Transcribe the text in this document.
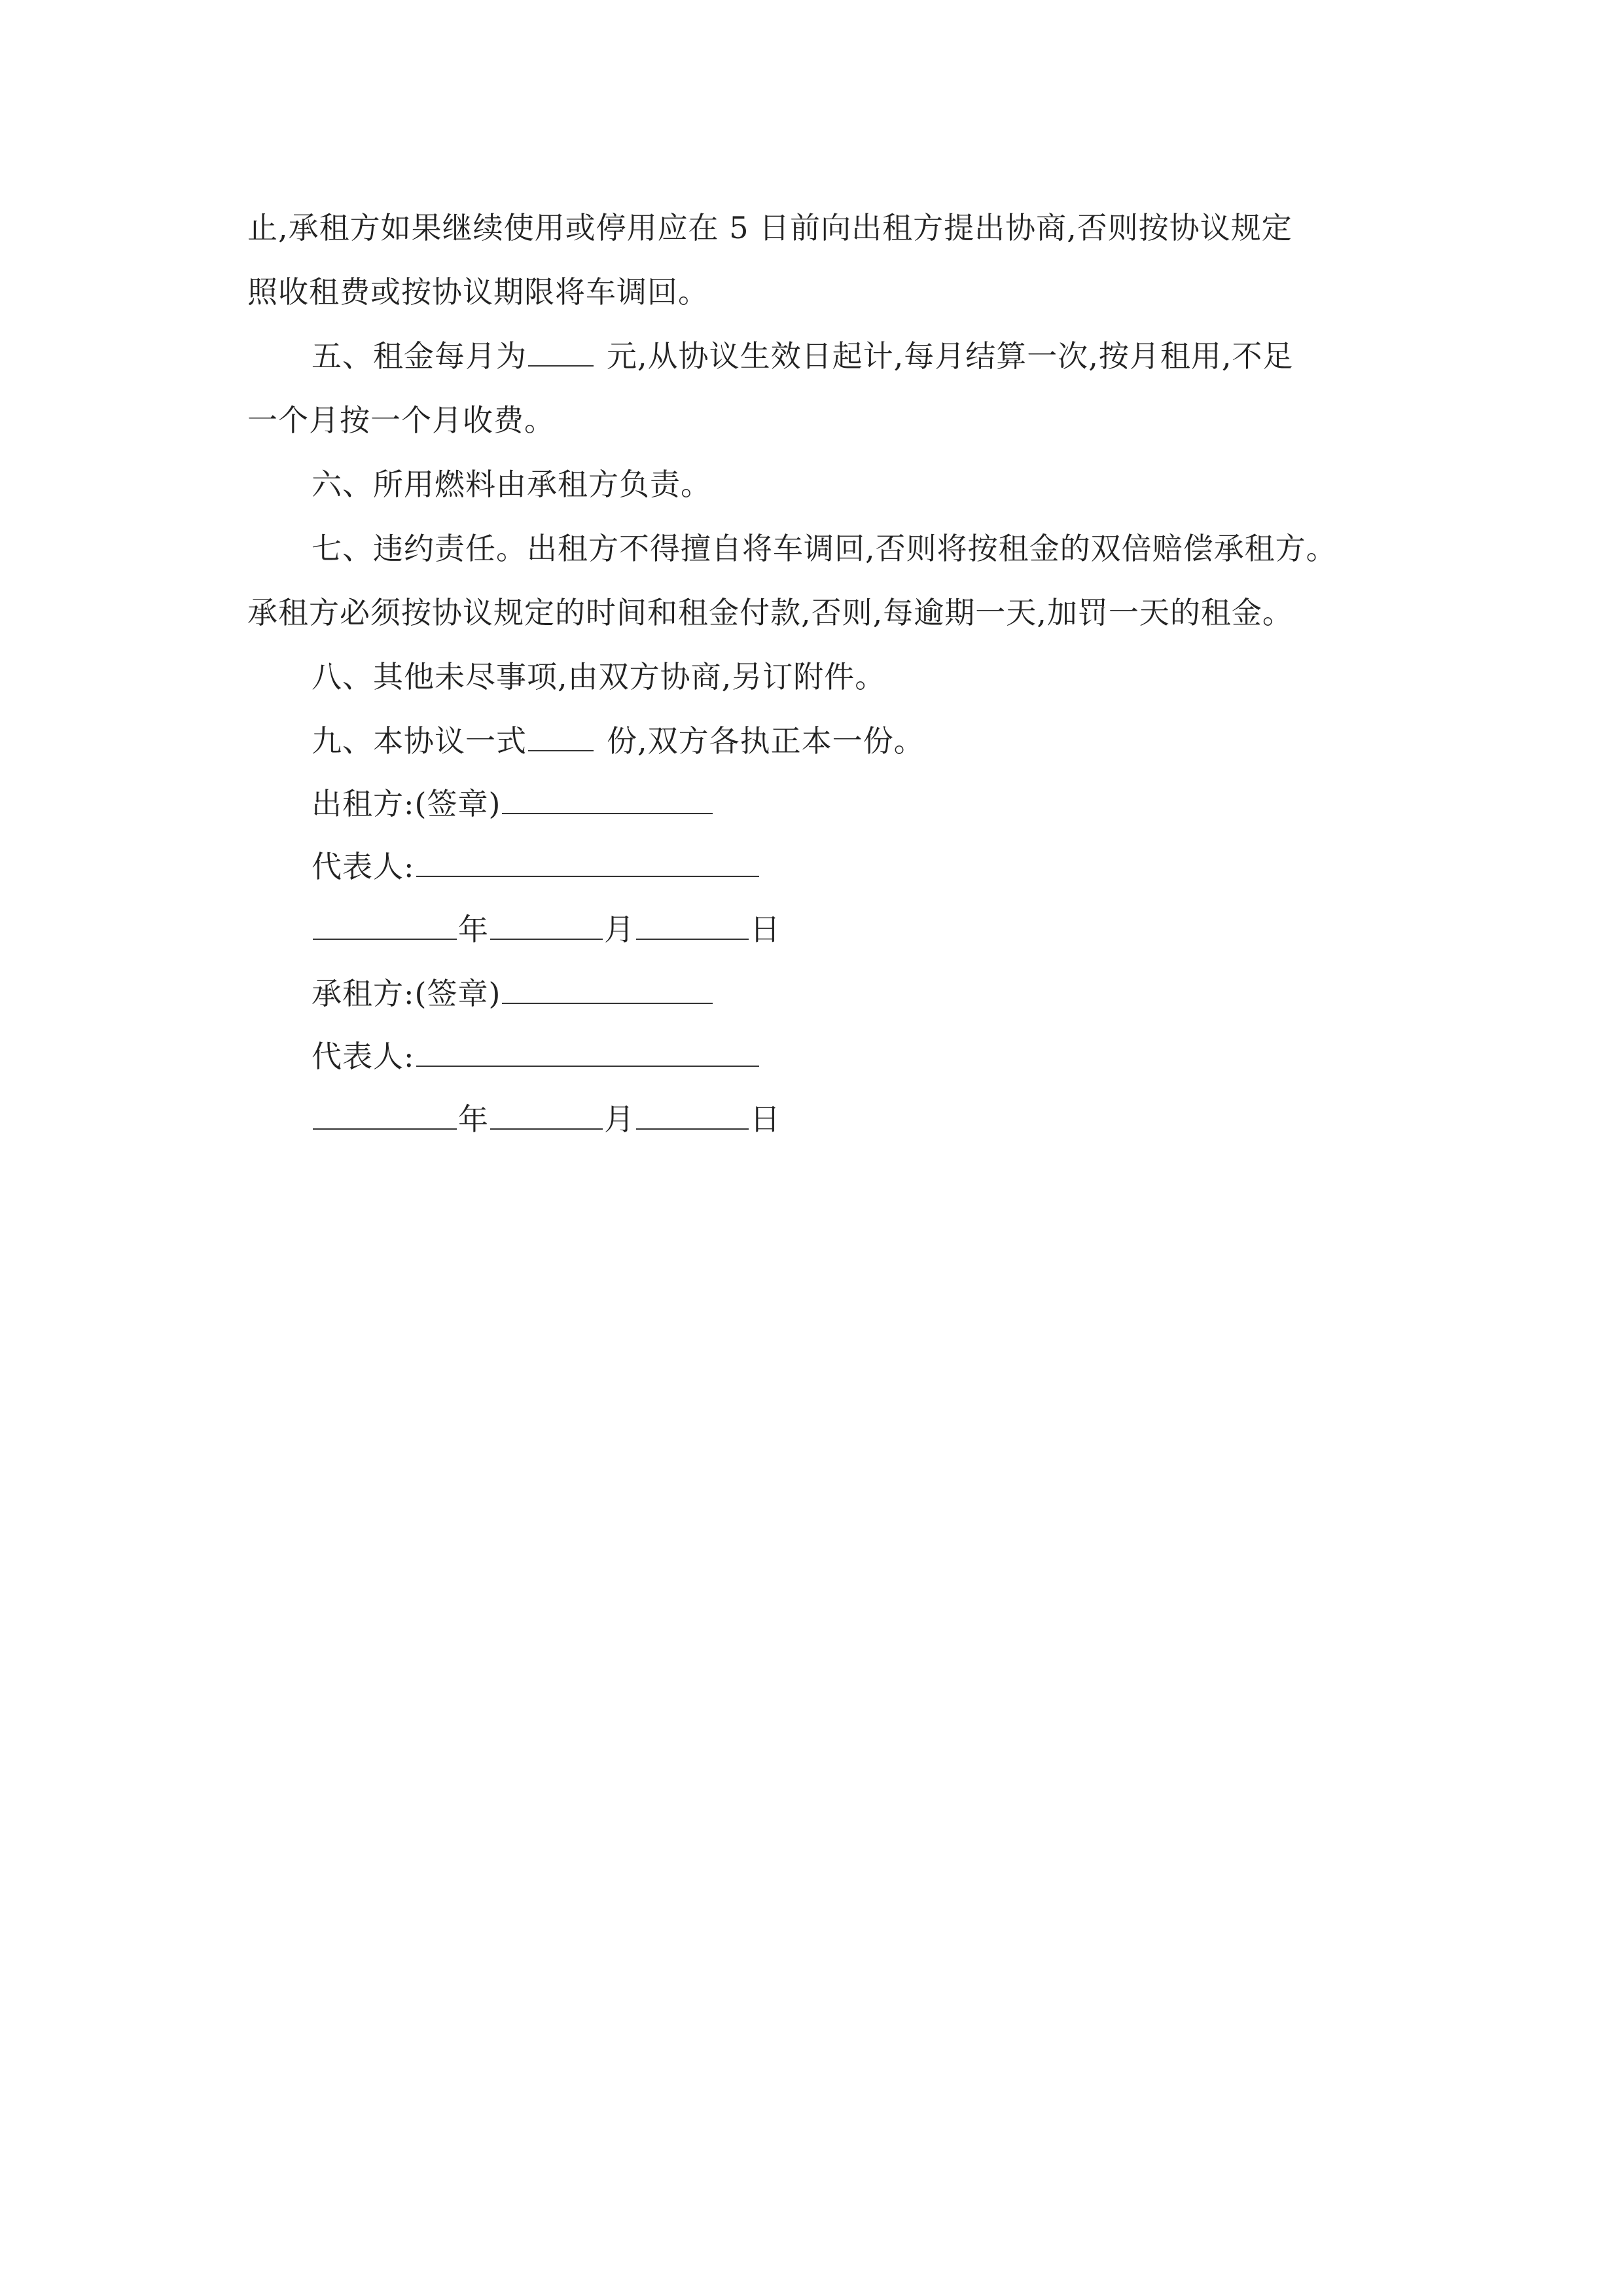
止,承租方如果继续使用或停用应在 5 日前向出租方提出协商,否则按协议规定
照收租费或按协议期限将车调回。
五、租金每月为	元,从协议生效日起计,每月结算一次,按月租用,不足
一个月按一个月收费。
六、所用燃料由承租方负责。
七、违约责任。出租方不得擅自将车调回,否则将按租金的双倍赔偿承租方。
承租方必须按协议规定的时间和租金付款,否则,每逾期一天,加罚一天的租金。
八、其他未尽事项,由双方协商,另订附件。
九、本协议一式	份,双方各执正本一份。
出租方:(签章)
代表人:
年	月	日
承租方:(签章)
代表人:
年	月	日
